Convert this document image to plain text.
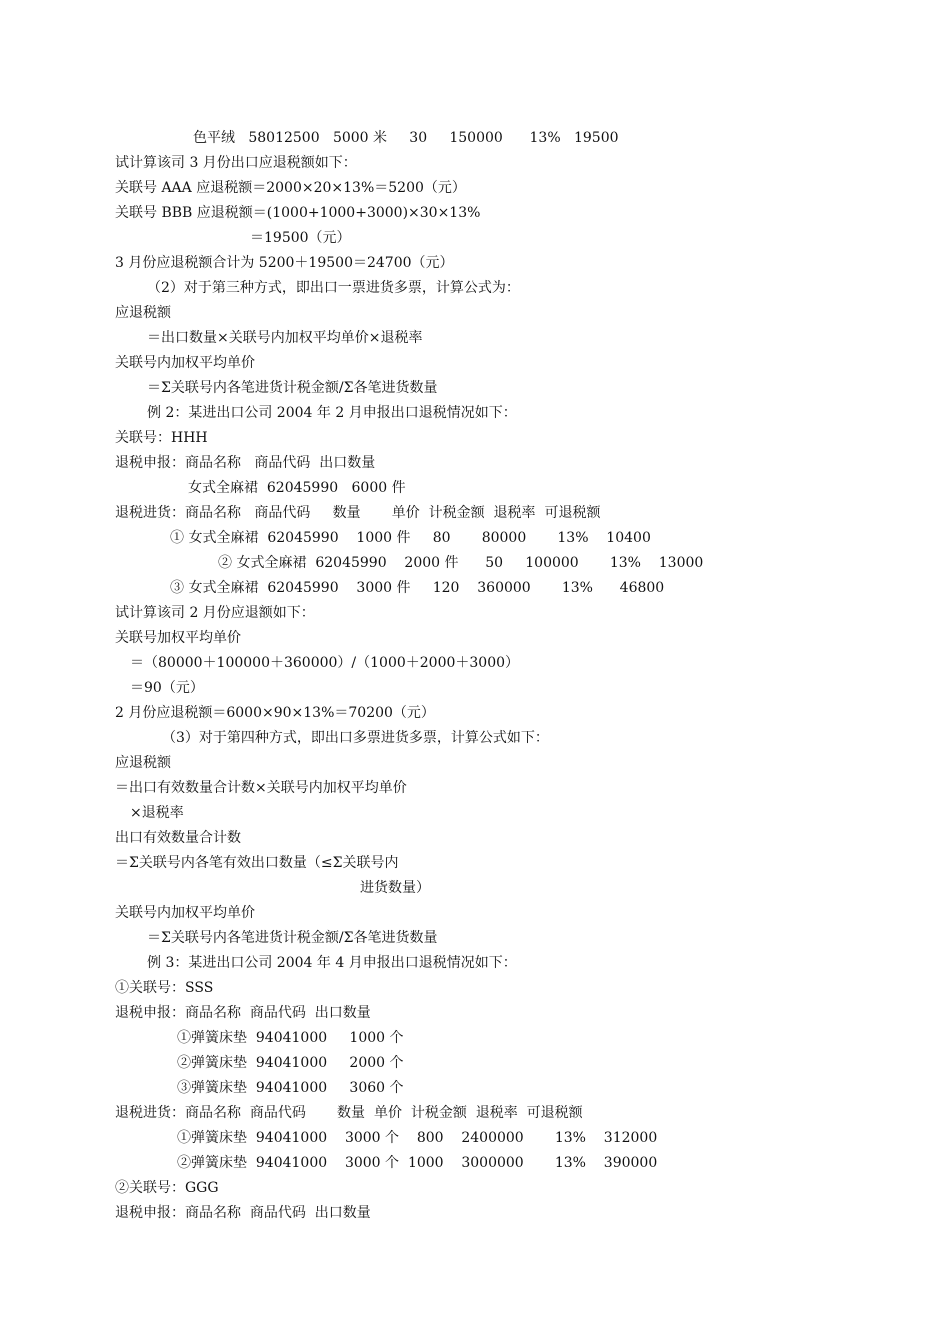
色平绒   58012500   5000 米     30     150000      13%   19500
试计算该司 3 月份出口应退税额如下：
关联号 AAA 应退税额＝2000×20×13%＝5200（元）
关联号 BBB 应退税额＝(1000+1000+3000)×30×13%
＝19500（元）
3 月份应退税额合计为 5200＋19500＝24700（元）
（2）对于第三种方式，即出口一票进货多票，计算公式为：
应退税额
＝出口数量×关联号内加权平均单价×退税率
关联号内加权平均单价
＝Σ关联号内各笔进货计税金额/Σ各笔进货数量
例 2：某进出口公司 2004 年 2 月申报出口退税情况如下：
关联号：HHH
退税申报：商品名称   商品代码  出口数量
女式全麻裙  62045990   6000 件
退税进货：商品名称   商品代码     数量       单价  计税金额  退税率  可退税额
① 女式全麻裙  62045990    1000 件     80       80000       13%    10400
② 女式全麻裙  62045990    2000 件      50     100000       13%    13000
③ 女式全麻裙  62045990    3000 件     120    360000       13%      46800
试计算该司 2 月份应退额如下：
关联号加权平均单价
＝（80000＋100000＋360000）/（1000＋2000＋3000）
＝90（元）
2 月份应退税额＝6000×90×13%＝70200（元）
（3）对于第四种方式，即出口多票进货多票，计算公式如下：
应退税额
＝出口有效数量合计数×关联号内加权平均单价
×退税率
出口有效数量合计数
＝Σ关联号内各笔有效出口数量（≤Σ关联号内
进货数量）
关联号内加权平均单价
＝Σ关联号内各笔进货计税金额/Σ各笔进货数量
例 3：某进出口公司 2004 年 4 月申报出口退税情况如下：
①关联号：SSS
退税申报：商品名称  商品代码  出口数量
①弹簧床垫  94041000     1000 个
②弹簧床垫  94041000     2000 个
③弹簧床垫  94041000     3060 个
退税进货：商品名称  商品代码       数量  单价  计税金额  退税率  可退税额
①弹簧床垫  94041000    3000 个    800    2400000       13%    312000
②弹簧床垫  94041000    3000 个  1000    3000000       13%    390000
②关联号：GGG
退税申报：商品名称  商品代码  出口数量
